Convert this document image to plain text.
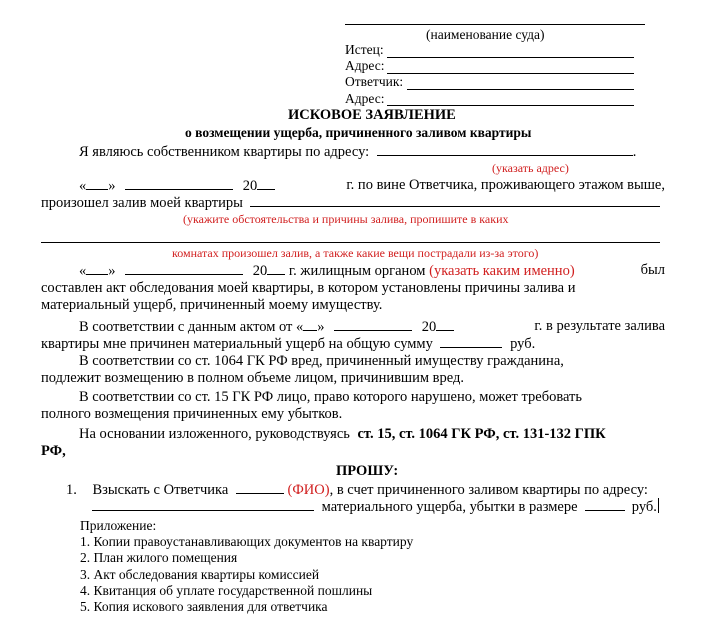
(наименование суда)
Истец:
Адрес:
Ответчик:
Адрес:
ИСКОВОЕ ЗАЯВЛЕНИЕ
о возмещении ущерба, причиненного заливом квартиры
Я являюсь собственником квартиры по адресу:	.
(указать адрес)
« »	20	г. по вине Ответчика, проживающего этажом выше,
произошел залив моей квартиры
(укажите обстоятельства и причины залива, пропишите в каких
комнатах произошел залив, а также какие вещи пострадали из-за этого)
« »	20 г. жилищным органом (указать каким именно)	был
составлен акт обследования моей квартиры, в котором установлены причины залива и
материальный ущерб, причиненный моему имуществу.
В соответствии с данным актом от « »	20	г. в результате залива
квартиры мне причинен материальный ущерб на общую сумму	руб.
В соответствии со ст. 1064 ГК РФ вред, причиненный имуществу гражданина,
подлежит возмещению в полном объеме лицом, причинившим вред.
В соответствии со ст. 15 ГК РФ лицо, право которого нарушено, может требовать
полного возмещения причиненных ему убытков.
На основании изложенного, руководствуясь ст. 15, ст. 1064 ГК РФ, ст. 131-132 ГПК
РФ,
ПРОШУ:
1. Взыскать с Ответчика	(ФИО), в счет причиненного заливом квартиры по адресу:
материального ущерба, убытки в размере	руб.
Приложение:
1. Копии правоустанавливающих документов на квартиру
2. План жилого помещения
3. Акт обследования квартиры комиссией
4. Квитанция об уплате государственной пошлины
5. Копия искового заявления для ответчика
